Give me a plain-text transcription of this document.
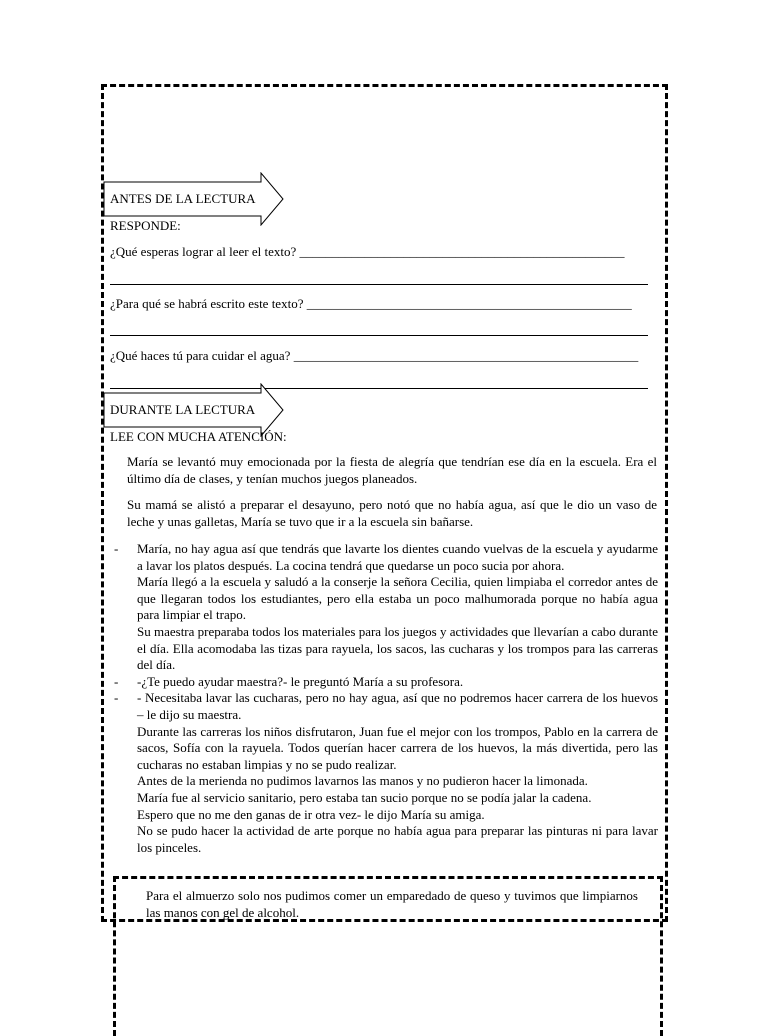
ANTES DE LA LECTURA
RESPONDE:
¿Qué esperas lograr al leer el texto? __________________________________________________
¿Para qué se habrá escrito este texto? __________________________________________________
¿Qué haces tú para cuidar el agua? _____________________________________________________
DURANTE LA LECTURA
LEE CON MUCHA ATENCIÓN:
María se levantó muy emocionada por la fiesta de alegría que tendrían ese día en la escuela. Era el último día de clases, y tenían muchos juegos planeados.
Su mamá se alistó a preparar el desayuno, pero notó que no había agua, así que le dio un vaso de leche y unas galletas, María se tuvo que ir a la escuela sin bañarse.
- María, no hay agua así que tendrás que lavarte los dientes cuando vuelvas de la escuela y ayudarme a lavar los platos después. La cocina tendrá que quedarse un poco sucia por ahora.
María llegó a la escuela y saludó a la conserje la señora Cecilia, quien limpiaba el corredor antes de que llegaran todos los estudiantes, pero ella estaba un poco malhumorada porque no había agua para limpiar el trapo.
Su maestra preparaba todos los materiales para los juegos y actividades que llevarían a cabo durante el día. Ella acomodaba las tizas para rayuela, los sacos, las cucharas y los trompos para las carreras del día.
- -¿Te puedo ayudar maestra?- le preguntó María a su profesora.
- - Necesitaba lavar las cucharas, pero no hay agua, así que no podremos hacer carrera de los huevos – le dijo su maestra.
Durante las carreras los niños disfrutaron, Juan fue el mejor con los trompos, Pablo en la carrera de sacos, Sofía con la rayuela. Todos querían hacer carrera de los huevos, la más divertida, pero las cucharas no estaban limpias y no se pudo realizar.
Antes de la merienda no pudimos lavarnos las manos y no pudieron hacer la limonada.
María fue al servicio sanitario, pero estaba tan sucio porque no se podía jalar la cadena.
Espero que no me den ganas de ir otra vez- le dijo María su amiga.
No se pudo hacer la actividad de arte porque no había agua para preparar las pinturas ni para lavar los pinceles.
Para el almuerzo solo nos pudimos comer un emparedado de queso y tuvimos que limpiarnos las manos con gel de alcohol.
